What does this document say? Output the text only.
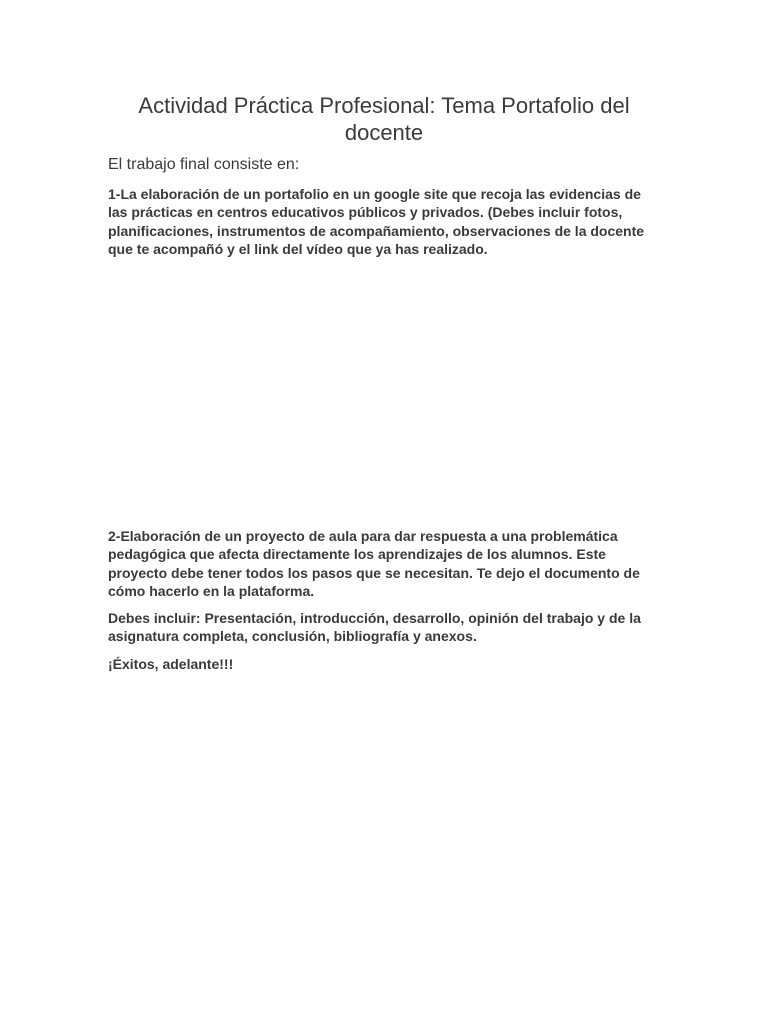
Actividad Práctica Profesional: Tema Portafolio del docente

El trabajo final consiste en:

1-La elaboración de un portafolio en un google site que recoja las evidencias de las prácticas en centros educativos públicos y privados. (Debes incluir fotos, planificaciones, instrumentos de acompañamiento, observaciones de la docente que te acompañó y el link del vídeo que ya has realizado.

2-Elaboración de un proyecto de aula para dar respuesta a una problemática pedagógica que afecta directamente los aprendizajes de los alumnos. Este proyecto debe tener todos los pasos que se necesitan. Te dejo el documento de cómo hacerlo en la plataforma.

Debes incluir: Presentación, introducción, desarrollo, opinión del trabajo y de la asignatura completa, conclusión, bibliografía y anexos.

¡Éxitos, adelante!!!
